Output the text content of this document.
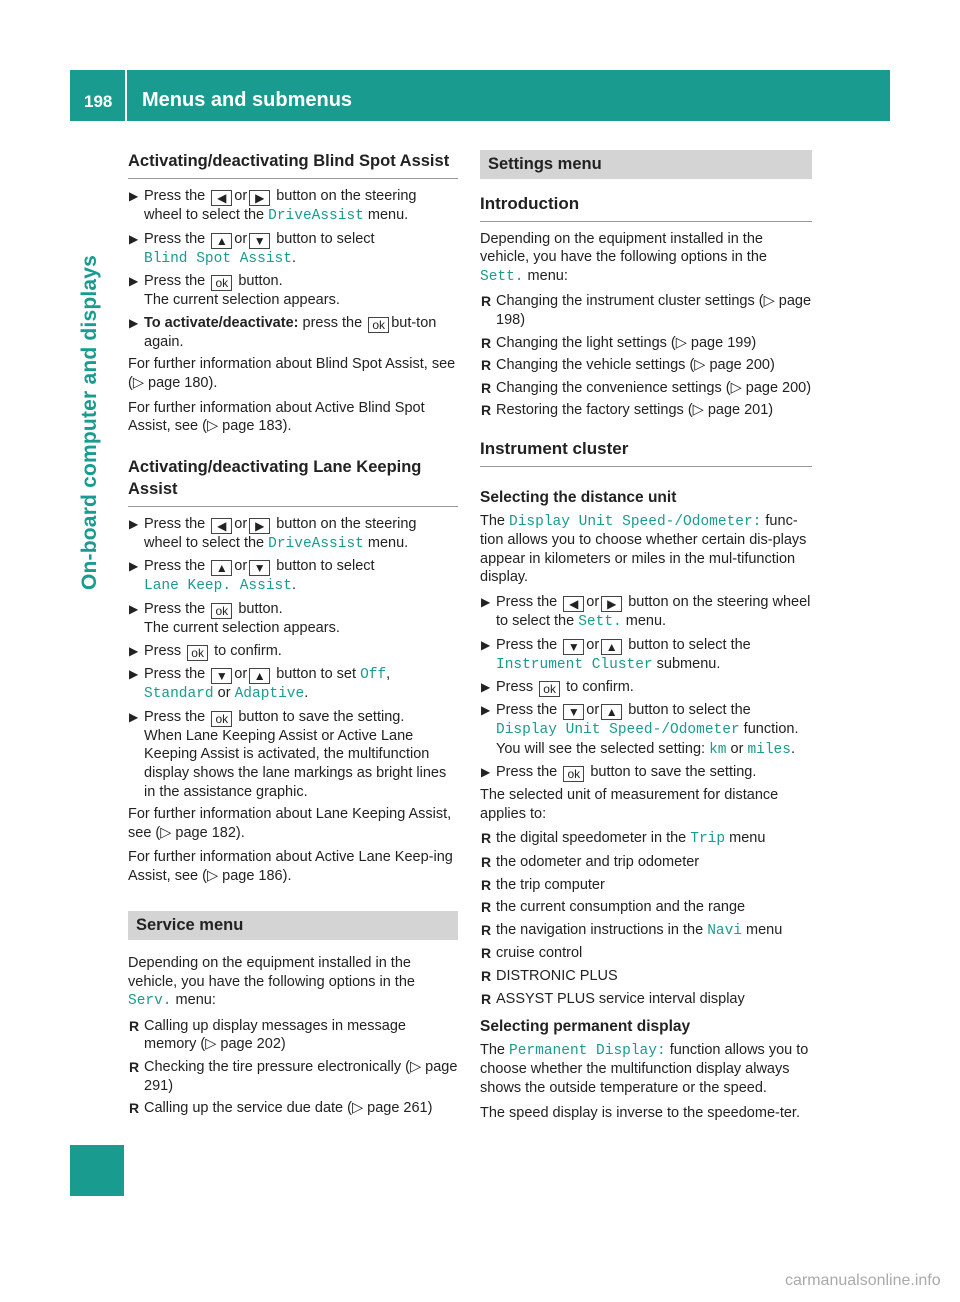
198 Menus and submenus
On-board computer and displays
Activating/deactivating Blind Spot Assist
▶ Press the ◀ or ▶ button on the steering wheel to select the DriveAssist menu.
▶ Press the ▲ or ▼ button to select
Blind Spot Assist.
▶ Press the ok button.
The current selection appears.
▶ To activate/deactivate: press the ok but-ton again.

For further information about Blind Spot Assist, see (▷ page 180).

For further information about Active Blind Spot Assist, see (▷ page 183).

Activating/deactivating Lane Keeping Assist
▶ Press the ◀ or ▶ button on the steering wheel to select the DriveAssist menu.
▶ Press the ▲ or ▼ button to select
Lane Keep. Assist.
▶ Press the ok button.
The current selection appears.
▶ Press ok to confirm.
▶ Press the ▼ or ▲ button to set Off,
Standard or Adaptive.
▶ Press the ok button to save the setting.
When Lane Keeping Assist or Active Lane Keeping Assist is activated, the multifunction display shows the lane markings as bright lines in the assistance graphic.

For further information about Lane Keeping Assist, see (▷ page 182).

For further information about Active Lane Keep-ing Assist, see (▷ page 186).

Service menu

Depending on the equipment installed in the vehicle, you have the following options in the
Serv. menu:

R Calling up display messages in message memory (▷ page 202)
R Checking the tire pressure electronically (▷ page 291)
R Calling up the service due date (▷ page 261)
Settings menu
Introduction

Depending on the equipment installed in the vehicle, you have the following options in the
Sett. menu:

R Changing the instrument cluster settings (▷ page 198)
R Changing the light settings (▷ page 199)
R Changing the vehicle settings (▷ page 200)
R Changing the convenience settings (▷ page 200)
R Restoring the factory settings (▷ page 201)
Instrument cluster
Selecting the distance unit

The Display Unit Speed-/Odometer: func-tion allows you to choose whether certain dis-plays appear in kilometers or miles in the mul-tifunction display.

▶ Press the ◀ or ▶ button on the steering wheel to select the Sett. menu.
▶ Press the ▼ or ▲ button to select the
Instrument Cluster submenu.
▶ Press ok to confirm.
▶ Press the ▼ or ▲ button to select the
Display Unit Speed-/Odometer function.
You will see the selected setting: km or miles.
▶ Press the ok button to save the setting.

The selected unit of measurement for distance applies to:

R the digital speedometer in the Trip menu
R the odometer and trip odometer
R the trip computer
R the current consumption and the range
R the navigation instructions in the Navi menu
R cruise control
R DISTRONIC PLUS
R ASSYST PLUS service interval display
Selecting permanent display

The Permanent Display: function allows you to choose whether the multifunction display always shows the outside temperature or the speed.

The speed display is inverse to the speedome-ter.

carmanualsonline.info
